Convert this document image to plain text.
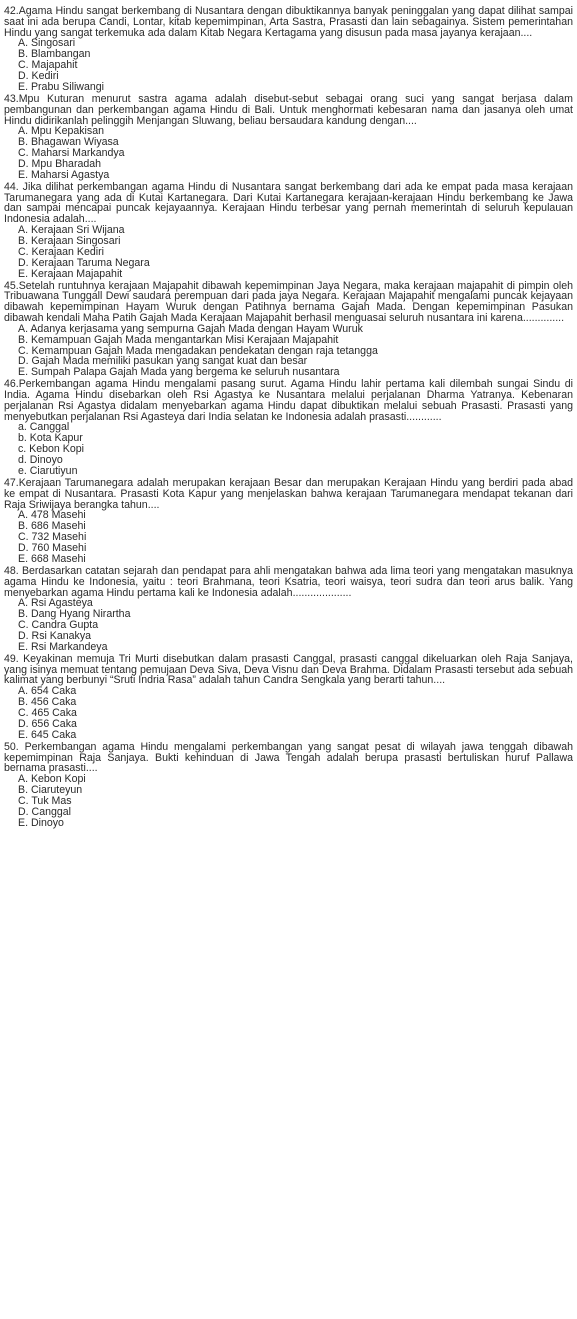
42.Agama Hindu sangat berkembang di Nusantara dengan dibuktikannya banyak peninggalan yang dapat dilihat sampai saat ini ada berupa Candi, Lontar, kitab kepemimpinan, Arta Sastra, Prasasti dan lain sebagainya. Sistem pemerintahan Hindu yang sangat terkemuka ada dalam Kitab Negara Kertagama yang disusun pada masa jayanya kerajaan....

A. Singosari
B. Blambangan
C. Majapahit
D. Kediri
E. Prabu Siliwangi

43.Mpu Kuturan menurut sastra agama adalah disebut-sebut sebagai orang suci yang sangat berjasa dalam pembangunan dan perkembangan agama Hindu di Bali. Untuk menghormati kebesaran nama dan jasanya oleh umat Hindu didirikanlah pelinggih Menjangan Sluwang, beliau bersaudara kandung dengan....

A. Mpu Kepakisan
B. Bhagawan Wiyasa
C. Maharsi Markandya
D. Mpu Bharadah
E. Maharsi Agastya

44. Jika dilihat perkembangan agama Hindu di Nusantara sangat berkembang dari ada ke empat pada masa kerajaan Tarumanegara yang ada di Kutai Kartanegara. Dari Kutai Kartanegara kerajaan-kerajaan Hindu berkembang ke Jawa dan sampai mencapai puncak kejayaannya. Kerajaan Hindu terbesar yang pernah memerintah di seluruh kepulauan Indonesia adalah....

A. Kerajaan Sri Wijana
B. Kerajaan Singosari
C. Kerajaan Kediri
D. Kerajaan Taruma Negara
E. Kerajaan Majapahit

45.Setelah runtuhnya kerajaan Majapahit dibawah kepemimpinan Jaya Negara, maka kerajaan majapahit di pimpin oleh Tribuawana Tunggall Dewi saudara perempuan dari pada jaya Negara. Kerajaan Majapahit mengalami puncak kejayaan dibawah kepemimpinan Hayam Wuruk dengan Patihnya bernama Gajah Mada. Dengan kepemimpinan Pasukan dibawah kendali Maha Patih Gajah Mada Kerajaan Majapahit berhasil menguasai seluruh nusantara ini karena..............

A. Adanya kerjasama yang sempurna Gajah Mada dengan Hayam Wuruk
B. Kemampuan Gajah Mada mengantarkan Misi Kerajaan Majapahit
C. Kemampuan Gajah Mada mengadakan pendekatan dengan raja tetangga
D. Gajah Mada memiliki pasukan yang sangat kuat dan besar
E. Sumpah Palapa Gajah Mada yang bergema ke seluruh nusantara

46.Perkembangan agama Hindu mengalami pasang surut. Agama Hindu lahir pertama kali dilembah sungai Sindu di India. Agama Hindu disebarkan oleh Rsi Agastya ke Nusantara melalui perjalanan Dharma Yatranya. Kebenaran perjalanan Rsi Agastya didalam menyebarkan agama Hindu dapat dibuktikan melalui sebuah Prasasti. Prasasti yang menyebutkan perjalanan Rsi Agasteya dari India selatan ke Indonesia adalah prasasti............

a. Canggal
b. Kota Kapur
c. Kebon Kopi
d. Dinoyo
e. Ciarutiyun

47.Kerajaan Tarumanegara adalah merupakan kerajaan Besar dan merupakan Kerajaan Hindu yang berdiri pada abad ke empat di Nusantara. Prasasti Kota Kapur yang menjelaskan bahwa kerajaan Tarumanegara mendapat tekanan dari Raja Sriwijaya berangka tahun....

A. 478 Masehi
B. 686 Masehi
C. 732 Masehi
D. 760 Masehi
E. 668 Masehi

48. Berdasarkan catatan sejarah dan pendapat para ahli mengatakan bahwa ada lima teori yang mengatakan masuknya agama Hindu ke Indonesia, yaitu : teori Brahmana, teori Ksatria, teori waisya, teori sudra dan teori arus balik. Yang menyebarkan agama Hindu pertama kali ke Indonesia adalah....................

A. Rsi Agasteya
B. Dang Hyang Nirartha
C. Candra Gupta
D. Rsi Kanakya
E. Rsi Markandeya

49. Keyakinan memuja Tri Murti disebutkan dalam prasasti Canggal, prasasti canggal dikeluarkan oleh Raja Sanjaya, yang isinya memuat tentang pemujaan Deva Siva, Deva Visnu dan Deva Brahma. Didalam Prasasti tersebut ada sebuah kalimat yang berbunyi “Sruti Indria Rasa” adalah tahun Candra Sengkala yang berarti tahun....

A. 654 Caka
B. 456 Caka
C. 465 Caka
D. 656 Caka
E. 645 Caka

50. Perkembangan agama Hindu mengalami perkembangan yang sangat pesat di wilayah jawa tenggah dibawah kepemimpinan Raja Sanjaya. Bukti kehinduan di Jawa Tengah adalah berupa prasasti bertuliskan huruf Pallawa bernama prasasti....

A. Kebon Kopi
B. Ciaruteyun
C. Tuk Mas
D. Canggal
E. Dinoyo
